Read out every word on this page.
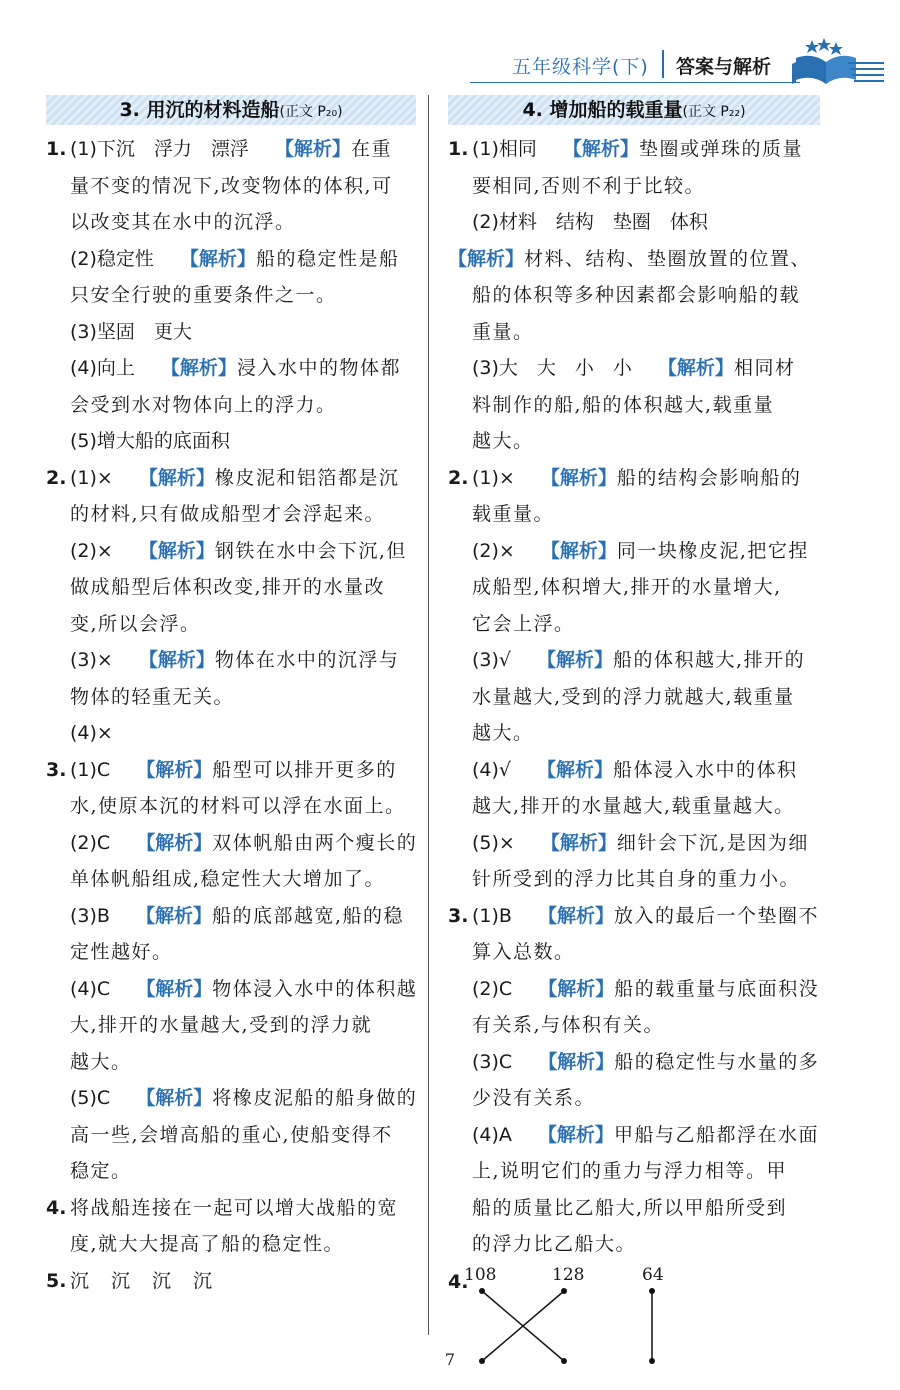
五年级科学(下) 答案与解析
3. 用沉的材料造船(正文 P₂₀)
1. (1)下沉　浮力　漂浮 【解析】在重
量不变的情况下,改变物体的体积,可
以改变其在水中的沉浮。
(2)稳定性 【解析】船的稳定性是船
只安全行驶的重要条件之一。
(3)坚固　更大
(4)向上 【解析】浸入水中的物体都
会受到水对物体向上的浮力。
(5)增大船的底面积
2. (1)× 【解析】橡皮泥和铝箔都是沉
的材料,只有做成船型才会浮起来。
(2)× 【解析】钢铁在水中会下沉,但
做成船型后体积改变,排开的水量改
变,所以会浮。
(3)× 【解析】物体在水中的沉浮与
物体的轻重无关。
(4)×
3. (1)C 【解析】船型可以排开更多的
水,使原本沉的材料可以浮在水面上。
(2)C 【解析】双体帆船由两个瘦长的
单体帆船组成,稳定性大大增加了。
(3)B 【解析】船的底部越宽,船的稳
定性越好。
(4)C 【解析】物体浸入水中的体积越
大,排开的水量越大,受到的浮力就
越大。
(5)C 【解析】将橡皮泥船的船身做的
高一些,会增高船的重心,使船变得不
稳定。
4. 将战船连接在一起可以增大战船的宽
度,就大大提高了船的稳定性。
5. 沉　沉　沉　沉
4. 增加船的载重量(正文 P₂₂)
1. (1)相同 【解析】垫圈或弹珠的质量
要相同,否则不利于比较。
(2)材料　结构　垫圈　体积
【解析】材料、结构、垫圈放置的位置、
船的体积等多种因素都会影响船的载
重量。
(3)大　大　小　小 【解析】相同材
料制作的船,船的体积越大,载重量
越大。
2. (1)× 【解析】船的结构会影响船的
载重量。
(2)× 【解析】同一块橡皮泥,把它捏
成船型,体积增大,排开的水量增大,
它会上浮。
(3)√ 【解析】船的体积越大,排开的
水量越大,受到的浮力就越大,载重量
越大。
(4)√ 【解析】船体浸入水中的体积
越大,排开的水量越大,载重量越大。
(5)× 【解析】细针会下沉,是因为细
针所受到的浮力比其自身的重力小。
3. (1)B 【解析】放入的最后一个垫圈不
算入总数。
(2)C 【解析】船的载重量与底面积没
有关系,与体积有关。
(3)C 【解析】船的稳定性与水量的多
少没有关系。
(4)A 【解析】甲船与乙船都浮在水面
上,说明它们的重力与浮力相等。甲
船的质量比乙船大,所以甲船所受到
的浮力比乙船大。
4.
108	128	64
7
